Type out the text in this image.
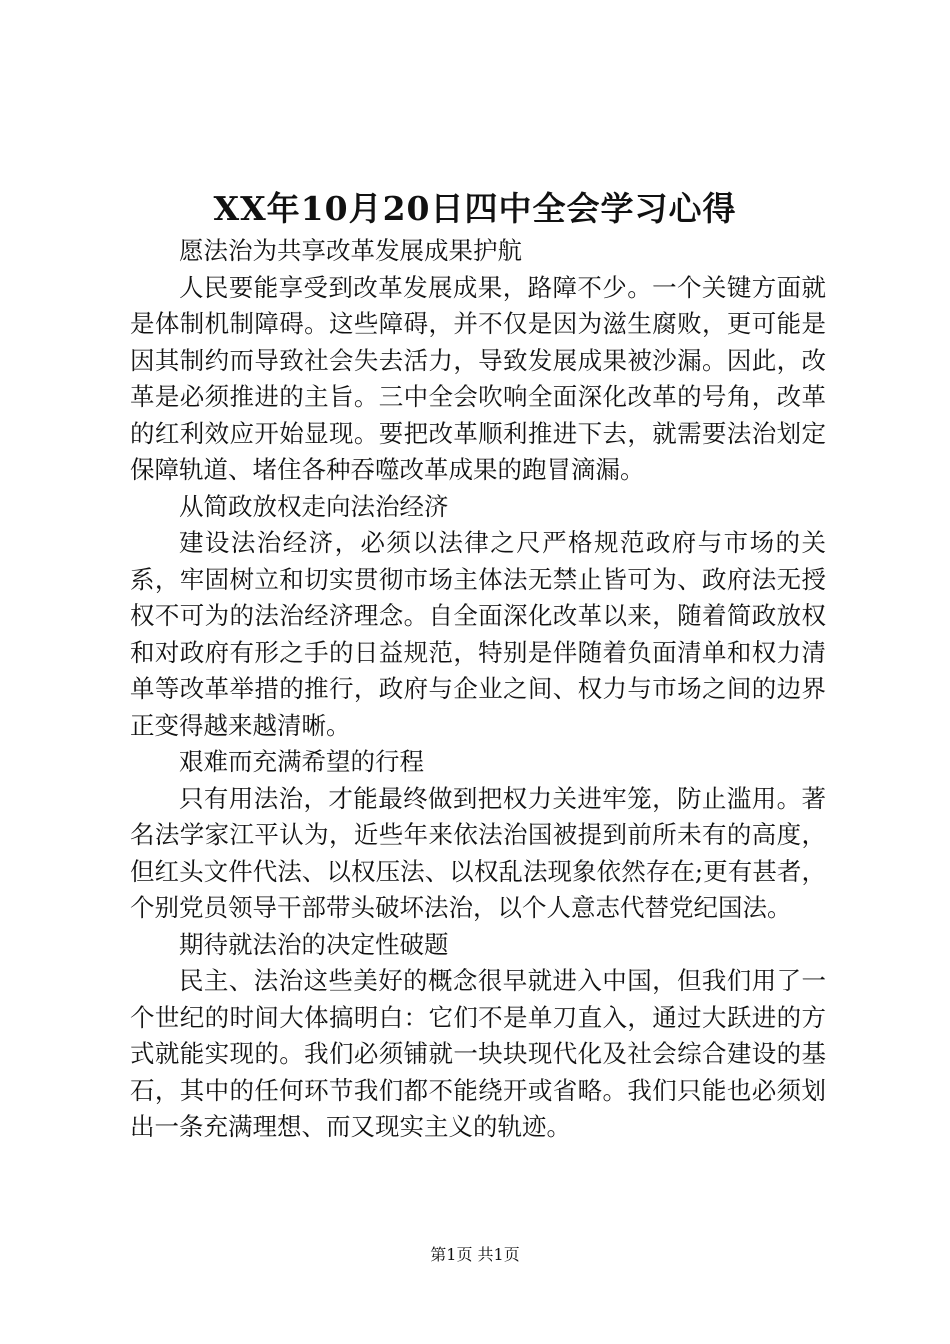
XX年10月20日四中全会学习心得

愿法治为共享改革发展成果护航

人民要能享受到改革发展成果，路障不少。一个关键方面就是体制机制障碍。这些障碍，并不仅是因为滋生腐败，更可能是因其制约而导致社会失去活力，导致发展成果被沙漏。因此，改革是必须推进的主旨。三中全会吹响全面深化改革的号角，改革的红利效应开始显现。要把改革顺利推进下去，就需要法治划定保障轨道、堵住各种吞噬改革成果的跑冒滴漏。

从简政放权走向法治经济

建设法治经济，必须以法律之尺严格规范政府与市场的关系，牢固树立和切实贯彻市场主体法无禁止皆可为、政府法无授权不可为的法治经济理念。自全面深化改革以来，随着简政放权和对政府有形之手的日益规范，特别是伴随着负面清单和权力清单等改革举措的推行，政府与企业之间、权力与市场之间的边界正变得越来越清晰。

艰难而充满希望的行程

只有用法治，才能最终做到把权力关进牢笼，防止滥用。著名法学家江平认为，近些年来依法治国被提到前所未有的高度，但红头文件代法、以权压法、以权乱法现象依然存在;更有甚者，个别党员领导干部带头破坏法治，以个人意志代替党纪国法。

期待就法治的决定性破题

民主、法治这些美好的概念很早就进入中国，但我们用了一个世纪的时间大体搞明白：它们不是单刀直入，通过大跃进的方式就能实现的。我们必须铺就一块块现代化及社会综合建设的基石，其中的任何环节我们都不能绕开或省略。我们只能也必须划出一条充满理想、而又现实主义的轨迹。

第1页 共1页
